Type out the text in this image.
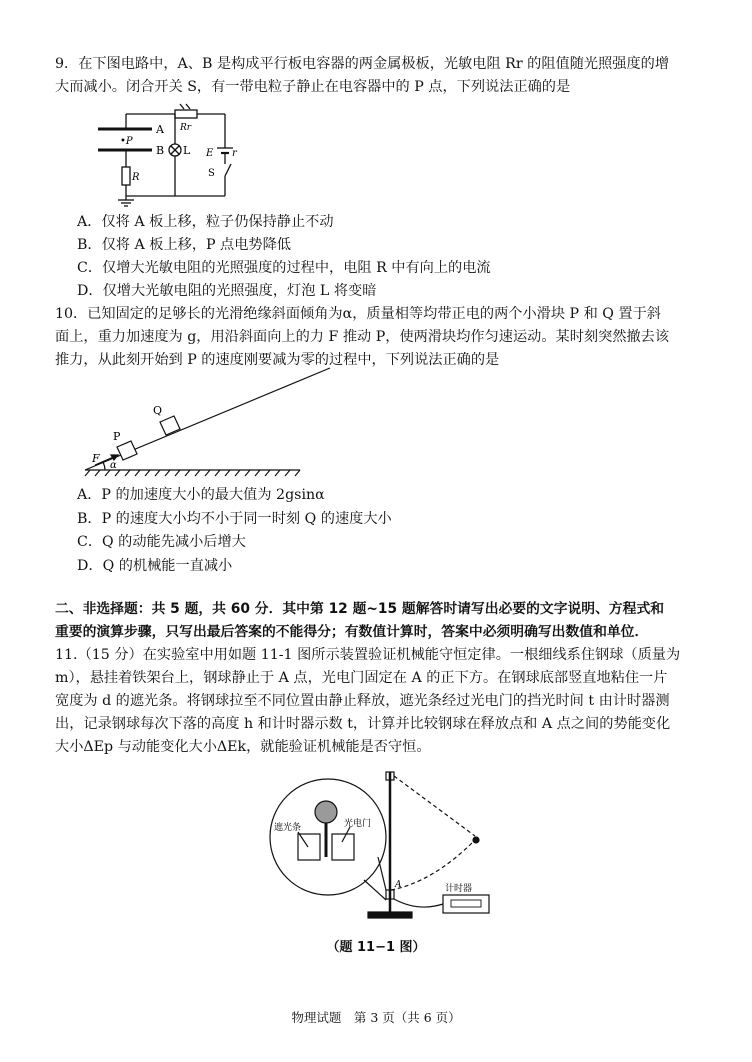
9．在下图电路中，A、B 是构成平行板电容器的两金属极板，光敏电阻 Rr 的阻值随光照强度的增
大而减小。闭合开关 S，有一带电粒子静止在电容器中的 P 点，下列说法正确的是
A
B
•P
L
R
Rr
E r
S
A．仅将 A 板上移，粒子仍保持静止不动
B．仅将 A 板上移，P 点电势降低
C．仅增大光敏电阻的光照强度的过程中，电阻 R 中有向上的电流
D．仅增大光敏电阻的光照强度，灯泡 L 将变暗
10．已知固定的足够长的光滑绝缘斜面倾角为α，质量相等均带正电的两个小滑块 P 和 Q 置于斜
面上，重力加速度为 g，用沿斜面向上的力 F 推动 P，使两滑块均作匀速运动。某时刻突然撤去该
推力，从此刻开始到 P 的速度刚要减为零的过程中，下列说法正确的是
Q
P
F
α
A．P 的加速度大小的最大值为 2gsinα
B．P 的速度大小均不小于同一时刻 Q 的速度大小
C．Q 的动能先减小后增大
D．Q 的机械能一直减小
二、非选择题：共 5 题，共 60 分．其中第 12 题~15 题解答时请写出必要的文字说明、方程式和
重要的演算步骤，只写出最后答案的不能得分；有数值计算时，答案中必须明确写出数值和单位．
11.（15 分）在实验室中用如题 11-1 图所示装置验证机械能守恒定律。一根细线系住钢球（质量为
m），悬挂着铁架台上，钢球静止于 A 点，光电门固定在 A 的正下方。在钢球底部竖直地粘住一片
宽度为 d 的遮光条。将钢球拉至不同位置由静止释放，遮光条经过光电门的挡光时间 t 由计时器测
出，记录钢球每次下落的高度 h 和计时器示数 t，计算并比较钢球在释放点和 A 点之间的势能变化
大小ΔEp 与动能变化大小ΔEk，就能验证机械能是否守恒。
遮光条	光电门
A	计时器
（题 11−1 图）
物理试题　第 3 页（共 6 页）
